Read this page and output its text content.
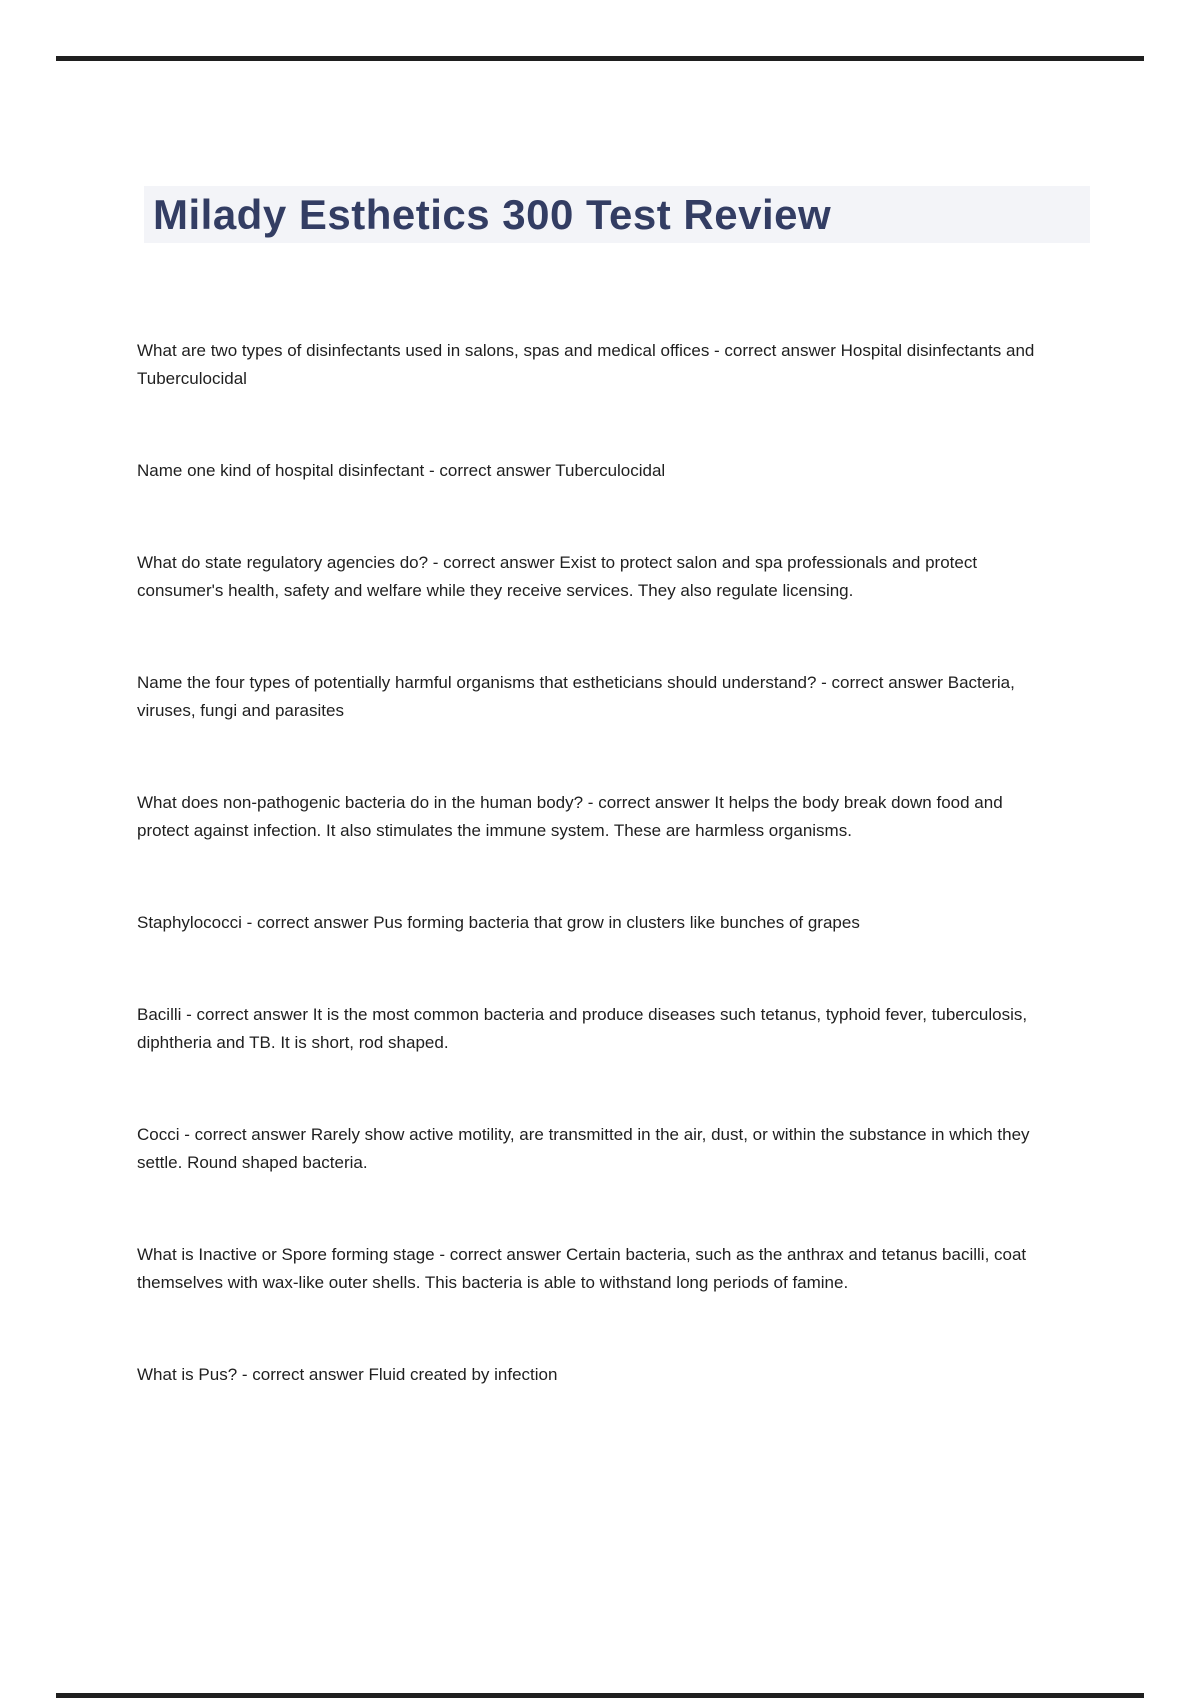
Milady Esthetics 300 Test Review

What are two types of disinfectants used in salons, spas and medical offices - correct answer Hospital disinfectants and Tuberculocidal

Name one kind of hospital disinfectant - correct answer Tuberculocidal

What do state regulatory agencies do? - correct answer Exist to protect salon and spa professionals and protect consumer's health, safety and welfare while they receive services. They also regulate licensing.

Name the four types of potentially harmful organisms that estheticians should understand? - correct answer Bacteria, viruses, fungi and parasites

What does non-pathogenic bacteria do in the human body? - correct answer It helps the body break down food and protect against infection. It also stimulates the immune system. These are harmless organisms.

Staphylococci - correct answer Pus forming bacteria that grow in clusters like bunches of grapes

Bacilli - correct answer It is the most common bacteria and produce diseases such tetanus, typhoid fever, tuberculosis, diphtheria and TB. It is short, rod shaped.

Cocci - correct answer Rarely show active motility, are transmitted in the air, dust, or within the substance in which they settle. Round shaped bacteria.

What is Inactive or Spore forming stage - correct answer Certain bacteria, such as the anthrax and tetanus bacilli, coat themselves with wax-like outer shells. This bacteria is able to withstand long periods of famine.

What is Pus? - correct answer Fluid created by infection
